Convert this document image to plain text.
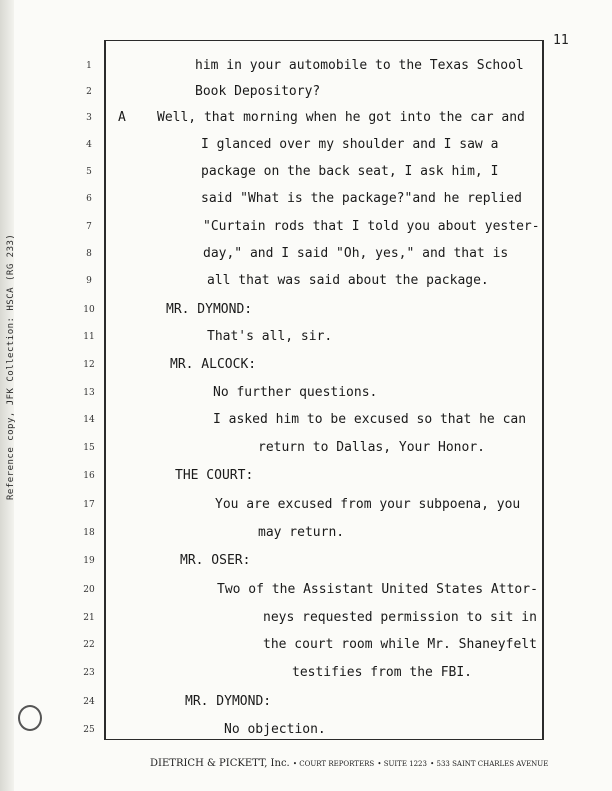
Reference copy, JFK Collection: HSCA (RG 233)
11
1
2
3
4
5
6
7
8
9
10
11
12
13
14
15
16
17
18
19
20
21
22
23
24
25
him in your automobile to the Texas School
Book Depository?
A Well, that morning when he got into the car and
I glanced over my shoulder and I saw a
package on the back seat, I ask him, I
said "What is the package?"and he replied
"Curtain rods that I told you about yester-
day," and I said "Oh, yes," and that is
all that was said about the package.
MR. DYMOND:
That's all, sir.
MR. ALCOCK:
No further questions.
I asked him to be excused so that he can
return to Dallas, Your Honor.
THE COURT:
You are excused from your subpoena, you
may return.
MR. OSER:
Two of the Assistant United States Attor-
neys requested permission to sit in
the court room while Mr. Shaneyfelt
testifies from the FBI.
MR. DYMOND:
No objection.
DIETRICH & PICKETT, Inc. • COURT REPORTERS • SUITE 1223 • 533 SAINT CHARLES AVENUE
